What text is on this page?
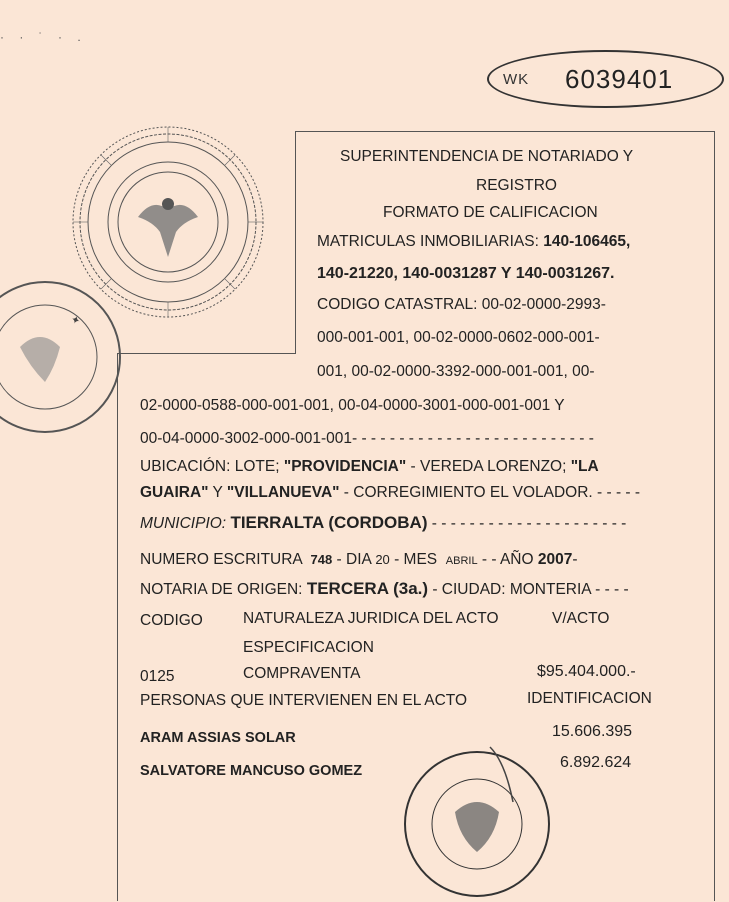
· · ˙ · .
WK 6039401
✦
SUPERINTENDENCIA DE NOTARIADO Y
REGISTRO
FORMATO DE CALIFICACION
MATRICULAS INMOBILIARIAS: 140-106465,
140-21220, 140-0031287 Y 140-0031267.
CODIGO CATASTRAL: 00-02-0000-2993-
000-001-001, 00-02-0000-0602-000-001-
001, 00-02-0000-3392-000-001-001, 00-
02-0000-0588-000-001-001, 00-04-0000-3001-000-001-001 Y
00-04-0000-3002-000-001-001- - - - - - - - - - - - - - - - - - - - - - - - - -
UBICACIÓN: LOTE; "PROVIDENCIA" - VEREDA LORENZO; "LA
GUAIRA" Y "VILLANUEVA" - CORREGIMIENTO EL VOLADOR. - - - - -
MUNICIPIO: TIERRALTA (CORDOBA) - - - - - - - - - - - - - - - - - - - - -
NUMERO ESCRITURA 748 - DIA 20 - MES ABRIL - - AÑO 2007-
NOTARIA DE ORIGEN: TERCERA (3a.) - CIUDAD: MONTERIA - - - -
CODIGO	NATURALEZA JURIDICA DEL ACTO	V/ACTO
ESPECIFICACION
0125	COMPRAVENTA	$95.404.000.-
PERSONAS QUE INTERVIENEN EN EL ACTO	IDENTIFICACION
ARAM ASSIAS SOLAR	15.606.395
SALVATORE MANCUSO GOMEZ	6.892.624
